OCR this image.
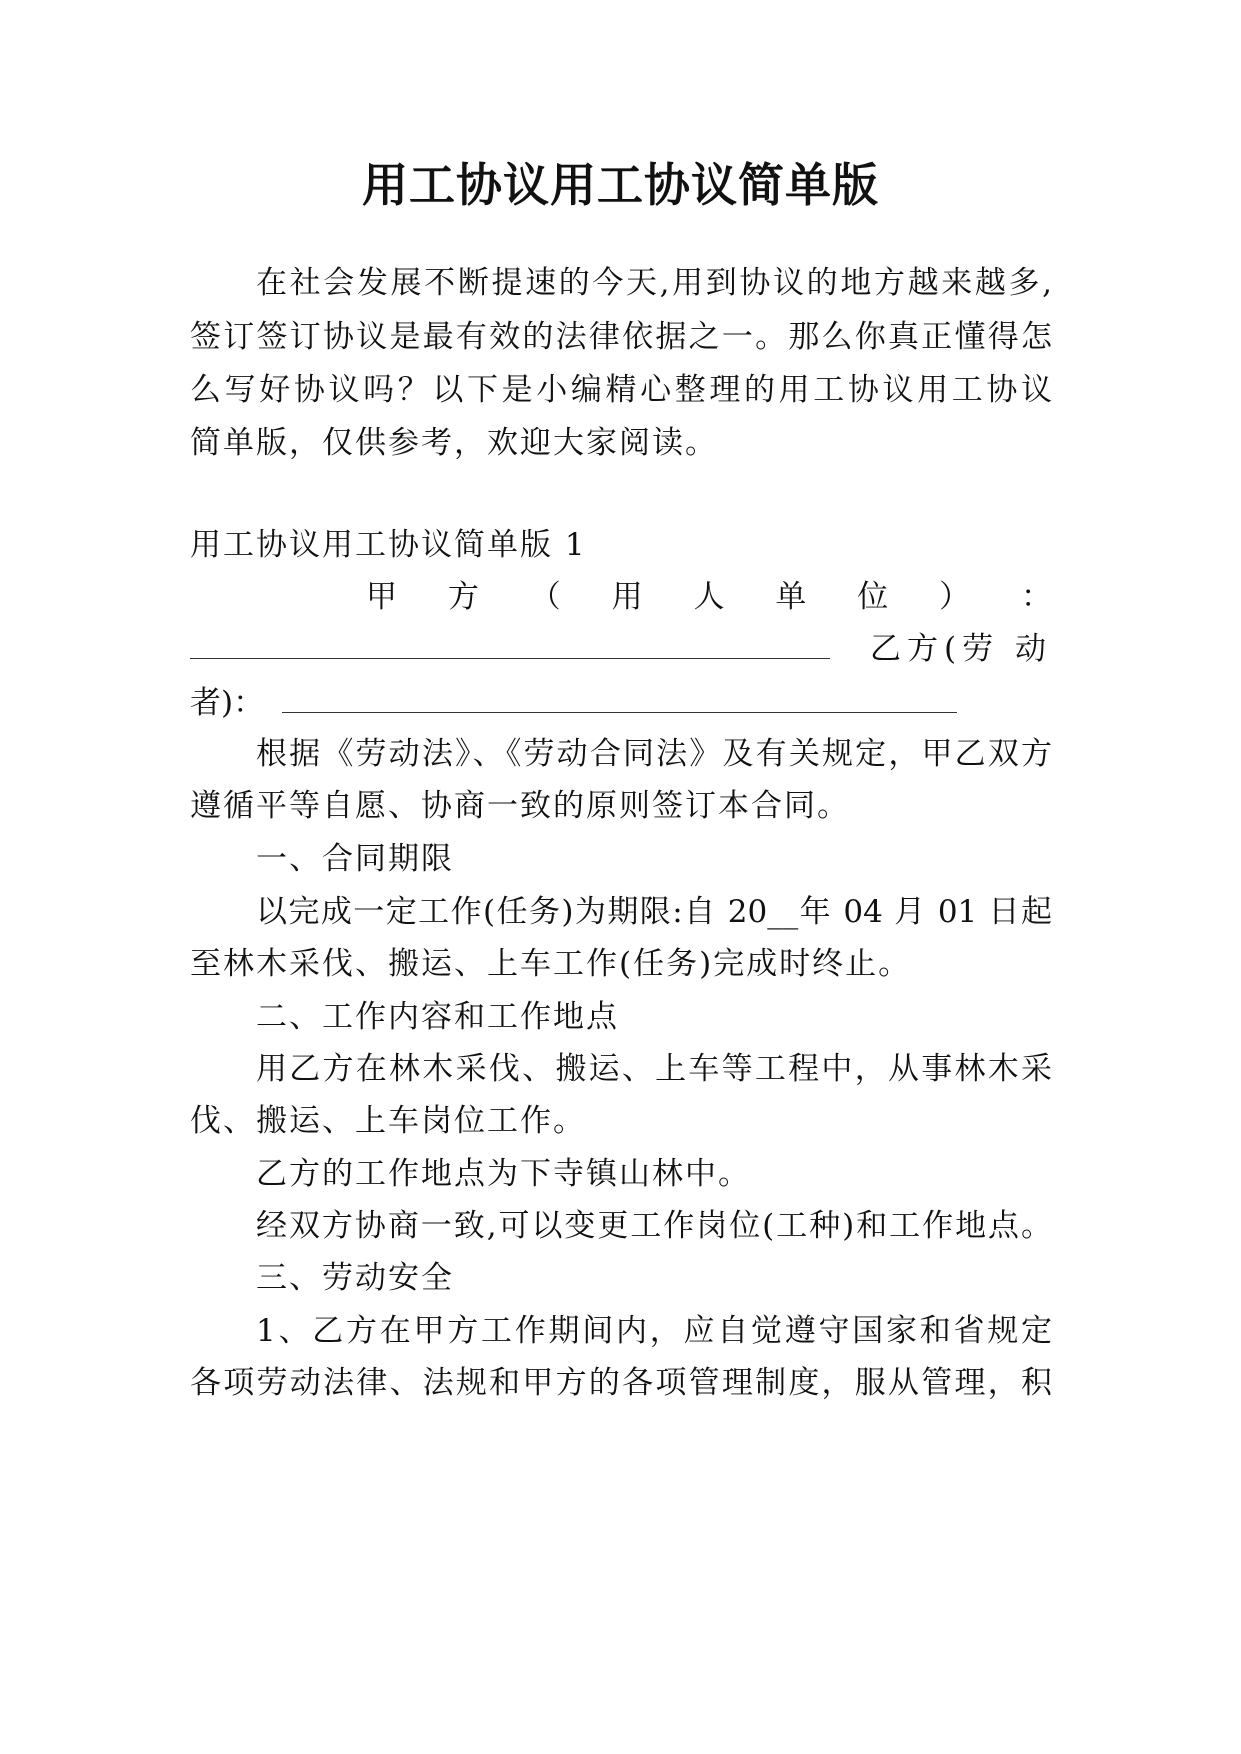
用工协议用工协议简单版
在社会发展不断提速的今天,用到协议的地方越来越多,
签订签订协议是最有效的法律依据之一。那么你真正懂得怎
么写好协议吗？以下是小编精心整理的用工协议用工协议
简单版，仅供参考，欢迎大家阅读。
用工协议用工协议简单版 1
甲 方 （ 用 人 单 位 ） ：
乙方(劳 动
者)：
根据《劳动法》、《劳动合同法》及有关规定，甲乙双方
遵循平等自愿、协商一致的原则签订本合同。
一、合同期限
以完成一定工作(任务)为期限:自 20__年 04 月 01 日起
至林木采伐、搬运、上车工作(任务)完成时终止。
二、工作内容和工作地点
用乙方在林木采伐、搬运、上车等工程中，从事林木采
伐、搬运、上车岗位工作。
乙方的工作地点为下寺镇山林中。
经双方协商一致,可以变更工作岗位(工种)和工作地点。
三、劳动安全
1、乙方在甲方工作期间内，应自觉遵守国家和省规定
各项劳动法律、法规和甲方的各项管理制度，服从管理，积
